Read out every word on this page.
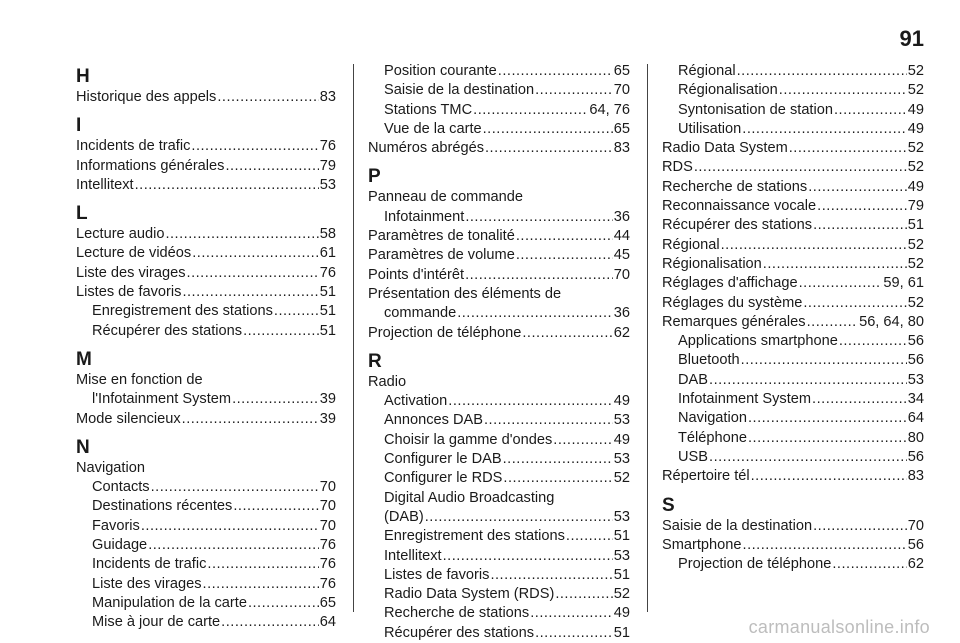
91
H
Historique des appels .....	83
I
Incidents de trafic .....	76
Informations générales .....	79
Intellitext .....	53
L
Lecture audio .....	58
Lecture de vidéos .....	61
Liste des virages .....	76
Listes de favoris .....	51
Enregistrement des stations .....	51
Récupérer des stations .....	51
M
Mise en fonction de
l'Infotainment System .....	39
Mode silencieux .....	39
N
Navigation
Contacts .....	70
Destinations récentes .....	70
Favoris .....	70
Guidage .....	76
Incidents de trafic .....	76
Liste des virages .....	76
Manipulation de la carte .....	65
Mise à jour de carte .....	64
Position courante .....	65
Saisie de la destination .....	70
Stations TMC .....	64, 76
Vue de la carte .....	65
Numéros abrégés .....	83
P
Panneau de commande
Infotainment .....	36
Paramètres de tonalité .....	44
Paramètres de volume .....	45
Points d'intérêt .....	70
Présentation des éléments de
commande .....	36
Projection de téléphone .....	62
R
Radio
Activation .....	49
Annonces DAB .....	53
Choisir la gamme d'ondes .....	49
Configurer le DAB .....	53
Configurer le RDS .....	52
Digital Audio Broadcasting
(DAB) .....	53
Enregistrement des stations .....	51
Intellitext .....	53
Listes de favoris .....	51
Radio Data System (RDS) .....	52
Recherche de stations .....	49
Récupérer des stations .....	51
Régional .....	52
Régionalisation .....	52
Syntonisation de station .....	49
Utilisation .....	49
Radio Data System .....	52
RDS .....	52
Recherche de stations .....	49
Reconnaissance vocale .....	79
Récupérer des stations .....	51
Régional .....	52
Régionalisation .....	52
Réglages d'affichage .....	59, 61
Réglages du système .....	52
Remarques générales .....	56, 64, 80
Applications smartphone .....	56
Bluetooth .....	56
DAB .....	53
Infotainment System .....	34
Navigation .....	64
Téléphone .....	80
USB .....	56
Répertoire tél .....	83
S
Saisie de la destination .....	70
Smartphone .....	56
Projection de téléphone .....	62
carmanualsonline.info
